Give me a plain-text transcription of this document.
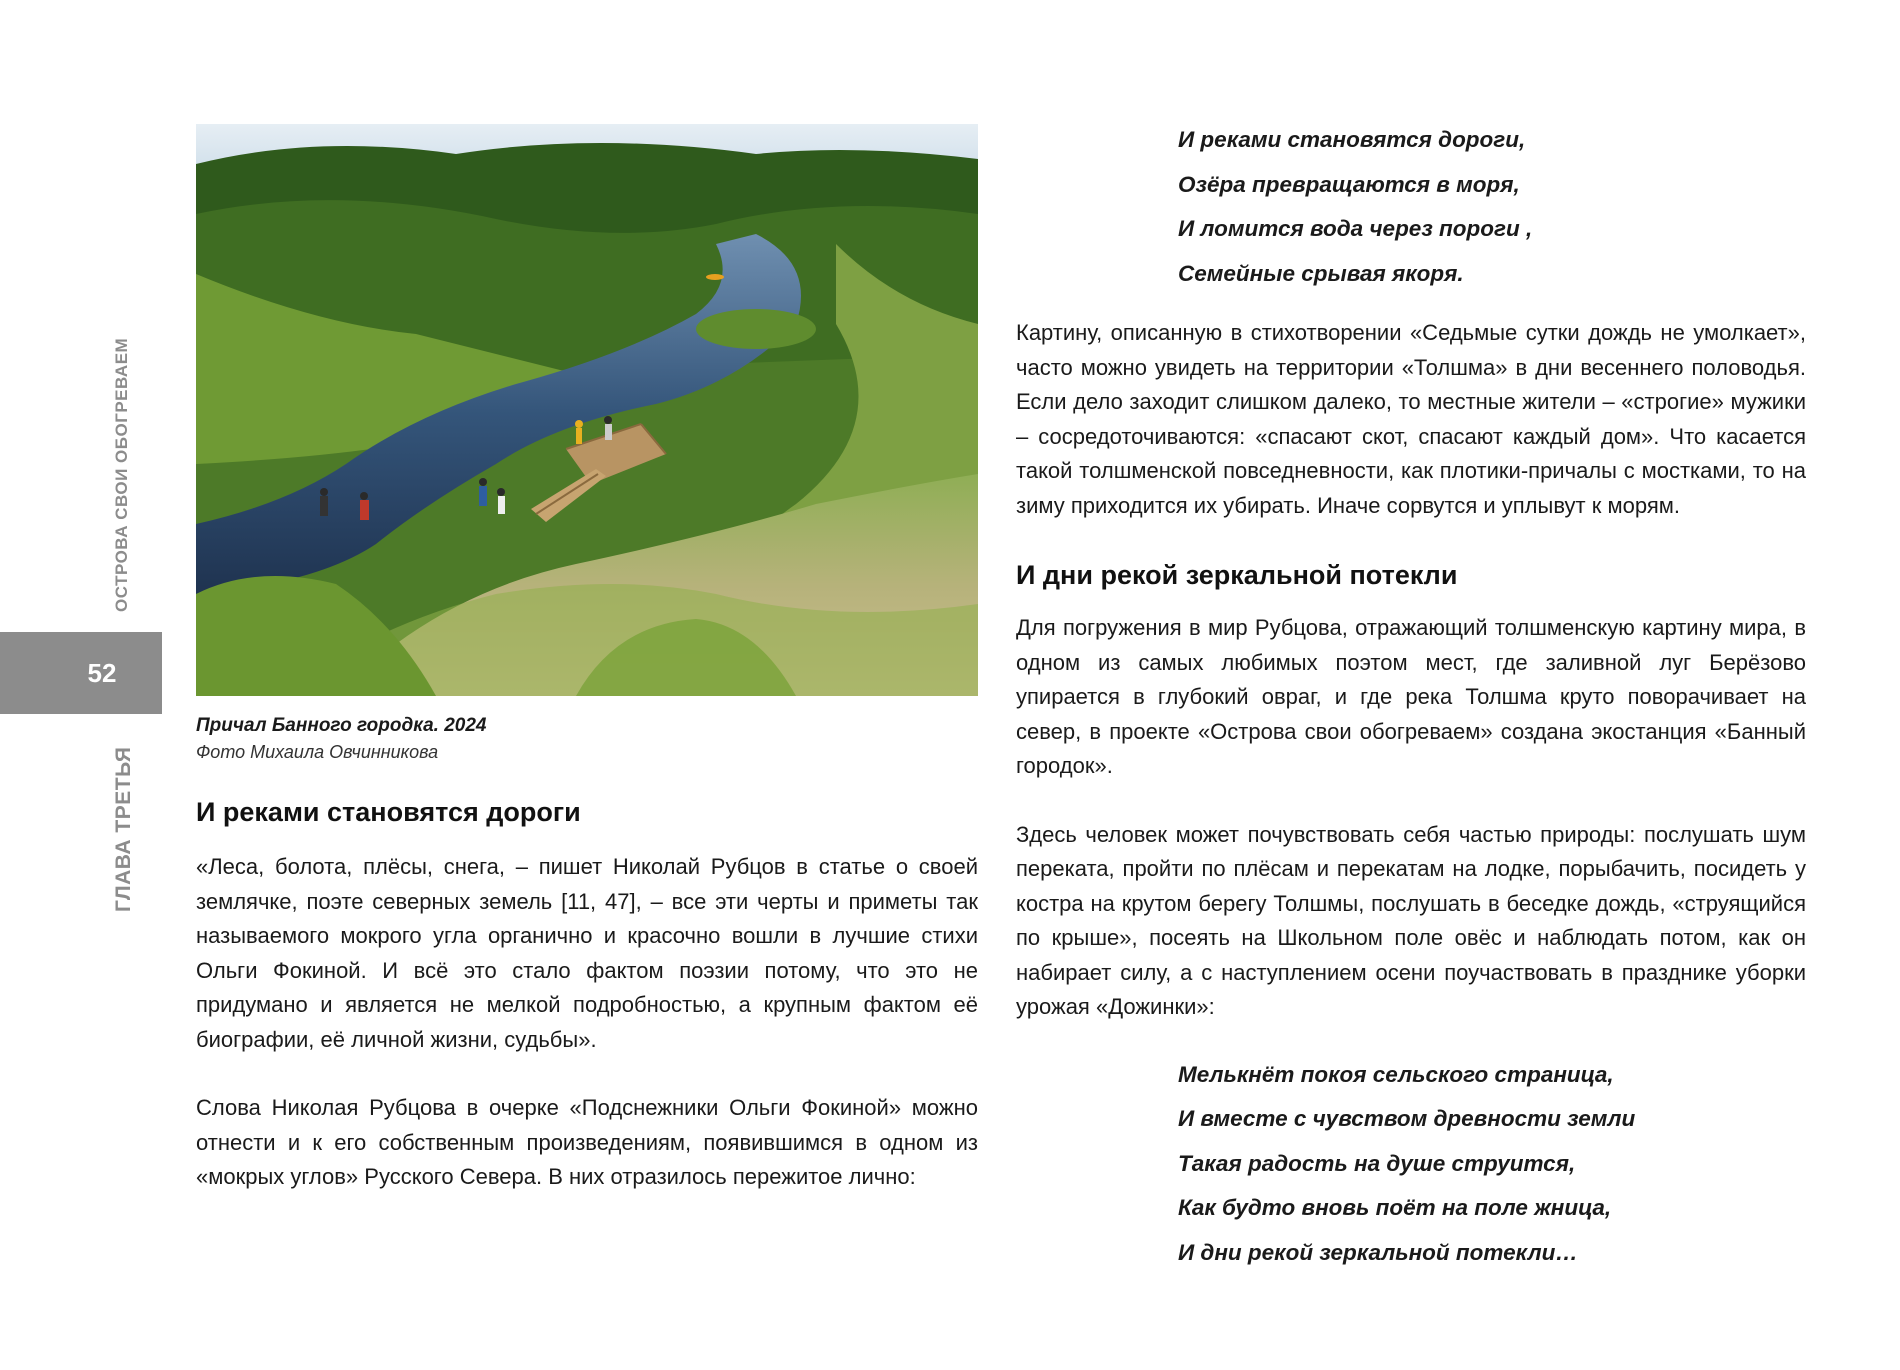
ОСТРОВА СВОИ ОБОГРЕВАЕМ
52
ГЛАВА ТРЕТЬЯ
Причал Банного городка. 2024
Фото Михаила Овчинникова
И реками становятся дороги

«Леса, болота, плёсы, снега, – пишет Николай Рубцов в статье о своей землячке, поэте северных земель [11, 47], – все эти черты и приметы так называемого мокрого угла органично и красочно вошли в лучшие стихи Ольги Фокиной. И всё это стало фактом поэзии потому, что это не придумано и является не мелкой подробностью, а крупным фактом её биографии, её личной жизни, судьбы».

Слова Николая Рубцова в очерке «Подснежники Ольги Фокиной» можно отнести и к его собственным произведениям, появившимся в одном из «мокрых углов» Русского Севера. В них отразилось пережитое лично:

И реками становятся дороги,
Озёра превращаются в моря,
И ломится вода через пороги ,
Семейные срывая якоря.

Картину, описанную в стихотворении «Седьмые сутки дождь не умолкает», часто можно увидеть на территории «Толшма» в дни весеннего половодья. Если дело заходит слишком далеко, то местные жители – «строгие» мужики – сосредоточиваются: «спасают скот, спасают каждый дом». Что касается такой толшменской повседневности, как плотики-причалы с мостками, то на зиму приходится их убирать. Иначе сорвутся и уплывут к морям.

И дни рекой зеркальной потекли

Для погружения в мир Рубцова, отражающий толшменскую картину мира, в одном из самых любимых поэтом мест, где заливной луг Берёзово упирается в глубокий овраг, и где река Толшма круто поворачивает на север, в проекте «Острова свои обогреваем» создана экостанция «Банный городок».

Здесь человек может почувствовать себя частью природы: послушать шум переката, пройти по плёсам и перекатам на лодке, порыбачить, посидеть у костра на крутом берегу Толшмы, послушать в беседке дождь, «струящийся по крыше», посеять на Школьном поле овёс и наблюдать потом, как он набирает силу, а с наступлением осени поучаствовать в празднике уборки урожая «Дожинки»:

Мелькнёт покоя сельского страница,
И вместе с чувством древности земли
Такая радость на душе струится,
Как будто вновь поёт на поле жница,
И дни рекой зеркальной потекли…
